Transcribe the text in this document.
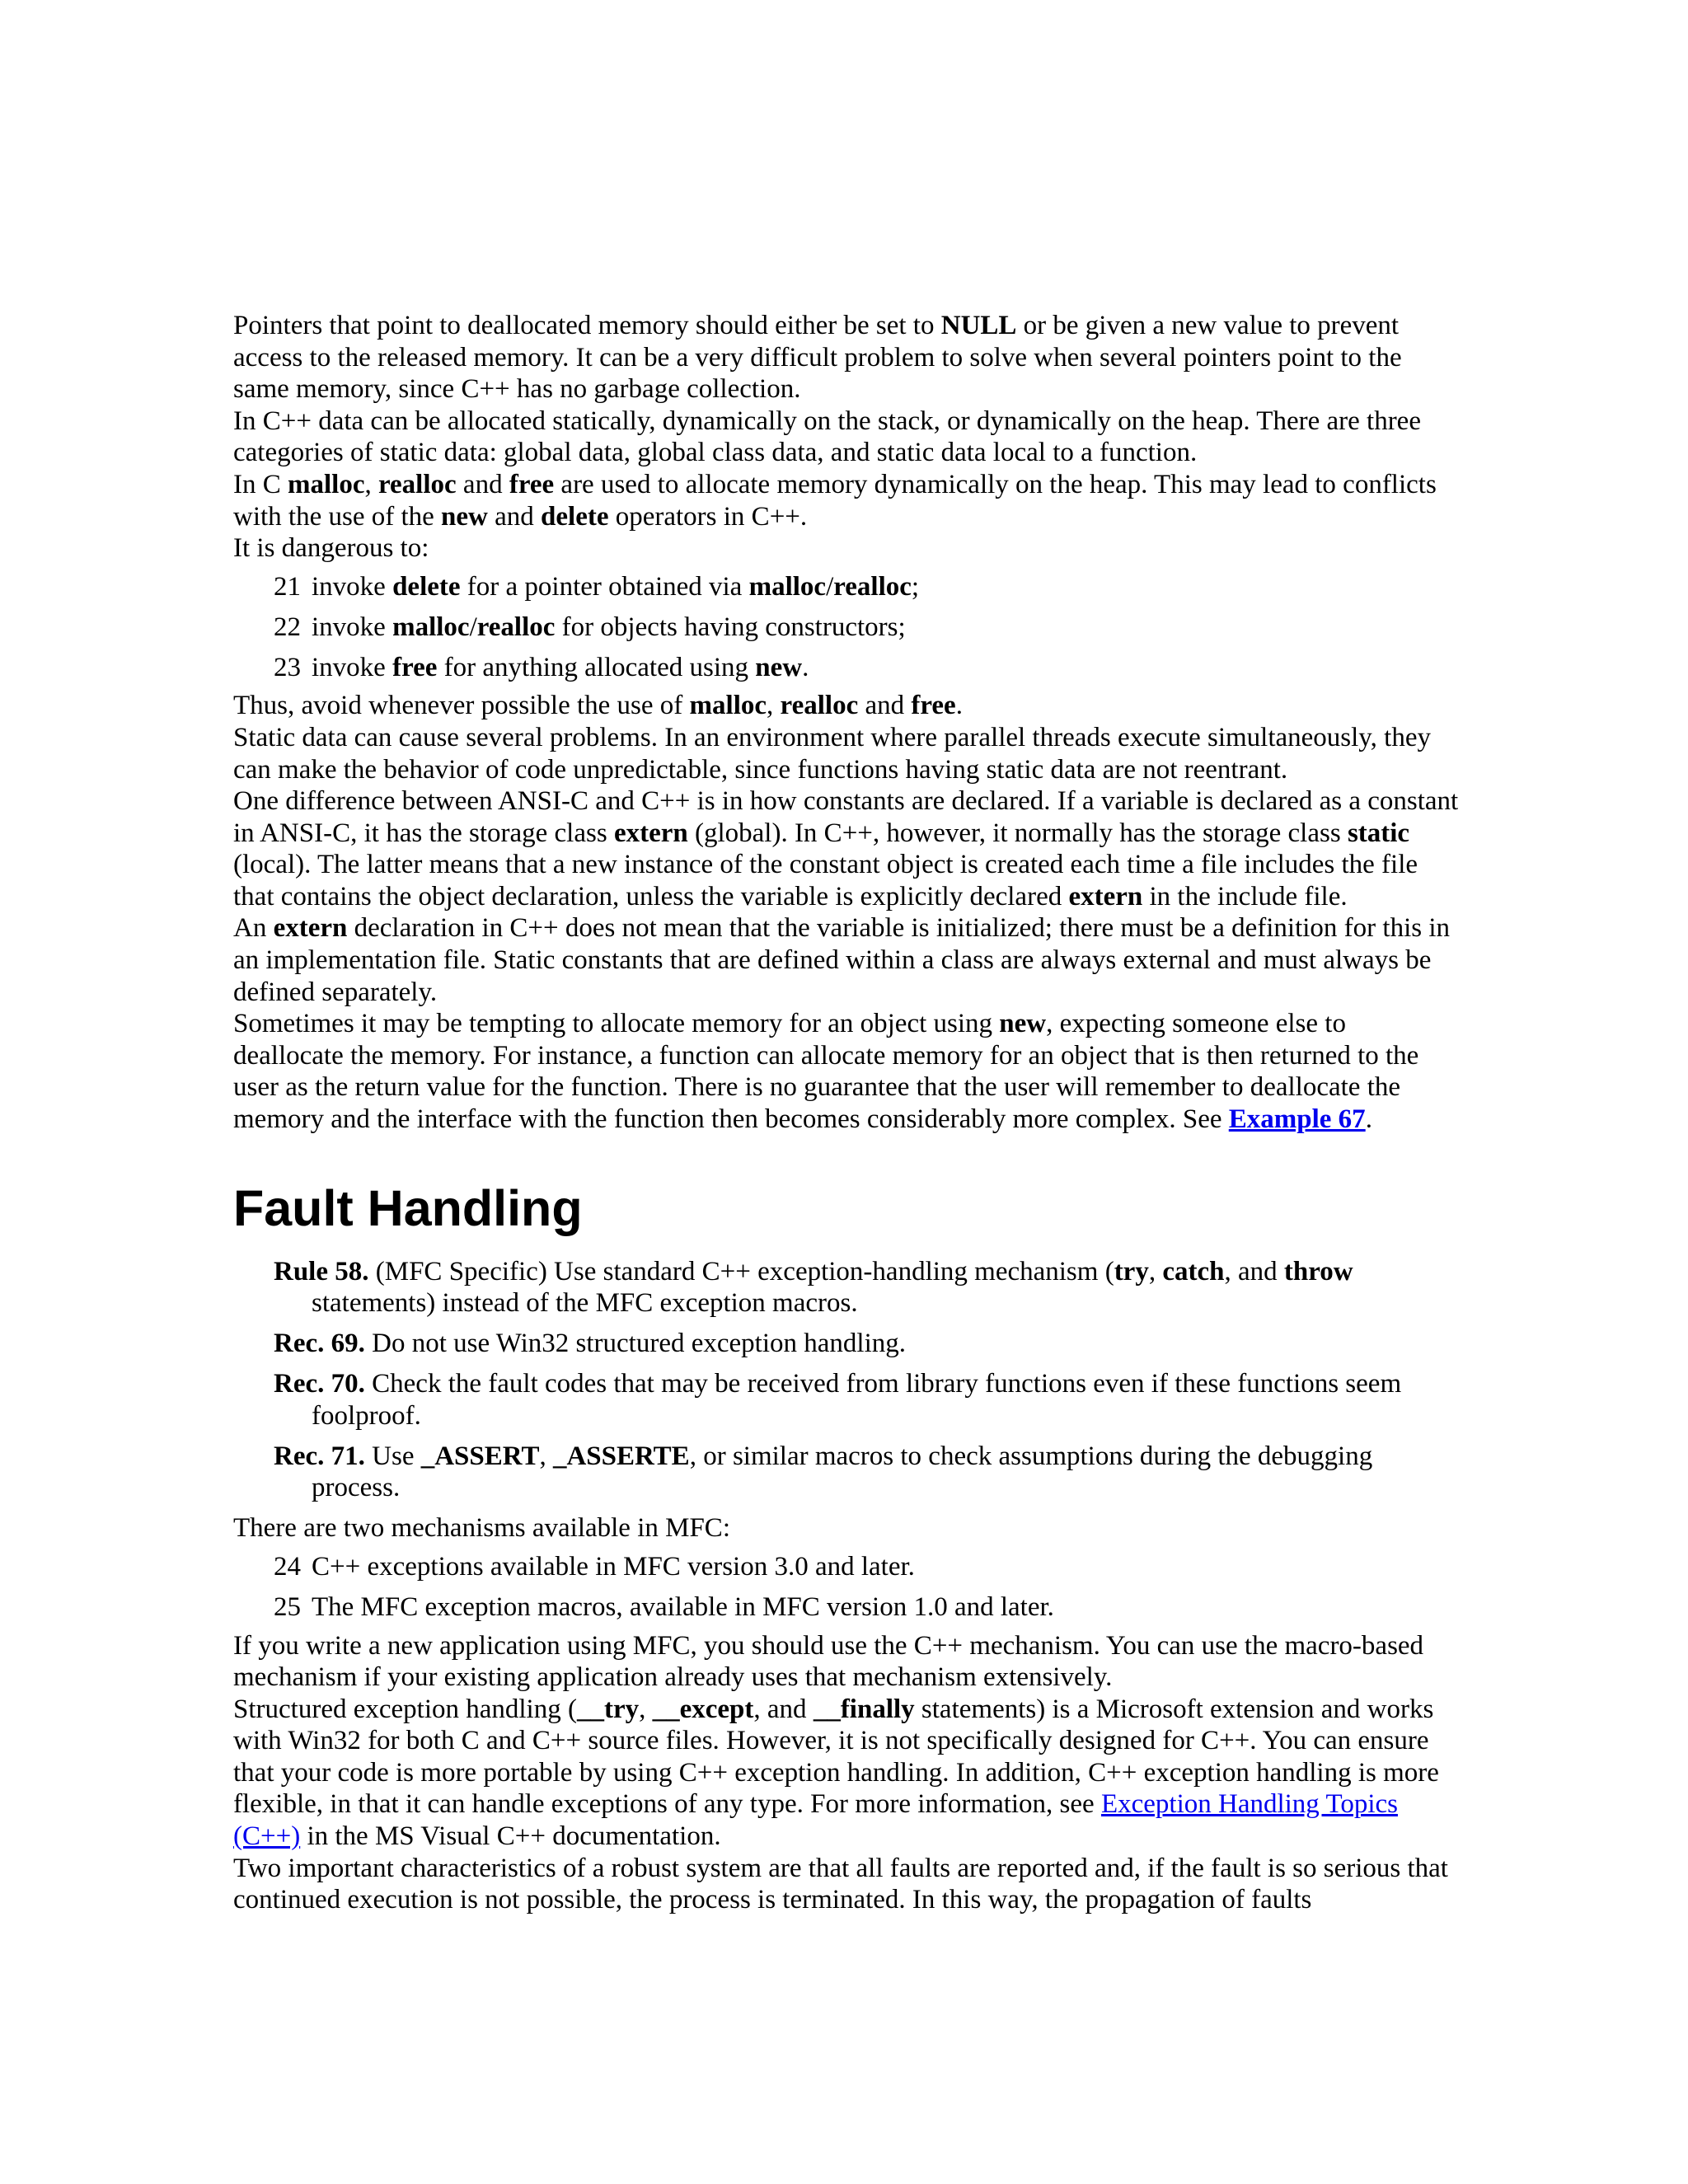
Pointers that point to deallocated memory should either be set to NULL or be given a new value to prevent access to the released memory. It can be a very difficult problem to solve when several pointers point to the same memory, since C++ has no garbage collection.

In C++ data can be allocated statically, dynamically on the stack, or dynamically on the heap. There are three categories of static data: global data, global class data, and static data local to a function.

In C malloc, realloc and free are used to allocate memory dynamically on the heap. This may lead to conflicts with the use of the new and delete operators in C++.

It is dangerous to:

21 invoke delete for a pointer obtained via malloc/realloc;
22 invoke malloc/realloc for objects having constructors;
23 invoke free for anything allocated using new.

Thus, avoid whenever possible the use of malloc, realloc and free.

Static data can cause several problems. In an environment where parallel threads execute simultaneously, they can make the behavior of code unpredictable, since functions having static data are not reentrant.

One difference between ANSI-C and C++ is in how constants are declared. If a variable is declared as a constant in ANSI-C, it has the storage class extern (global). In C++, however, it normally has the storage class static (local). The latter means that a new instance of the constant object is created each time a file includes the file that contains the object declaration, unless the variable is explicitly declared extern in the include file.

An extern declaration in C++ does not mean that the variable is initialized; there must be a definition for this in an implementation file. Static constants that are defined within a class are always external and must always be defined separately.

Sometimes it may be tempting to allocate memory for an object using new, expecting someone else to deallocate the memory. For instance, a function can allocate memory for an object that is then returned to the user as the return value for the function. There is no guarantee that the user will remember to deallocate the memory and the interface with the function then becomes considerably more complex. See Example 67.

Fault Handling
Rule 58. (MFC Specific) Use standard C++ exception-handling mechanism (try, catch, and throw statements) instead of the MFC exception macros.
Rec. 69. Do not use Win32 structured exception handling.
Rec. 70. Check the fault codes that may be received from library functions even if these functions seem foolproof.
Rec. 71. Use _ASSERT, _ASSERTE, or similar macros to check assumptions during the debugging process.

There are two mechanisms available in MFC:

24 C++ exceptions available in MFC version 3.0 and later.
25 The MFC exception macros, available in MFC version 1.0 and later.

If you write a new application using MFC, you should use the C++ mechanism. You can use the macro-based mechanism if your existing application already uses that mechanism extensively.

Structured exception handling (__try, __except, and __finally statements) is a Microsoft extension and works with Win32 for both C and C++ source files. However, it is not specifically designed for C++. You can ensure that your code is more portable by using C++ exception handling. In addition, C++ exception handling is more flexible, in that it can handle exceptions of any type. For more information, see Exception Handling Topics (C++) in the MS Visual C++ documentation.

Two important characteristics of a robust system are that all faults are reported and, if the fault is so serious that continued execution is not possible, the process is terminated. In this way, the propagation of faults
